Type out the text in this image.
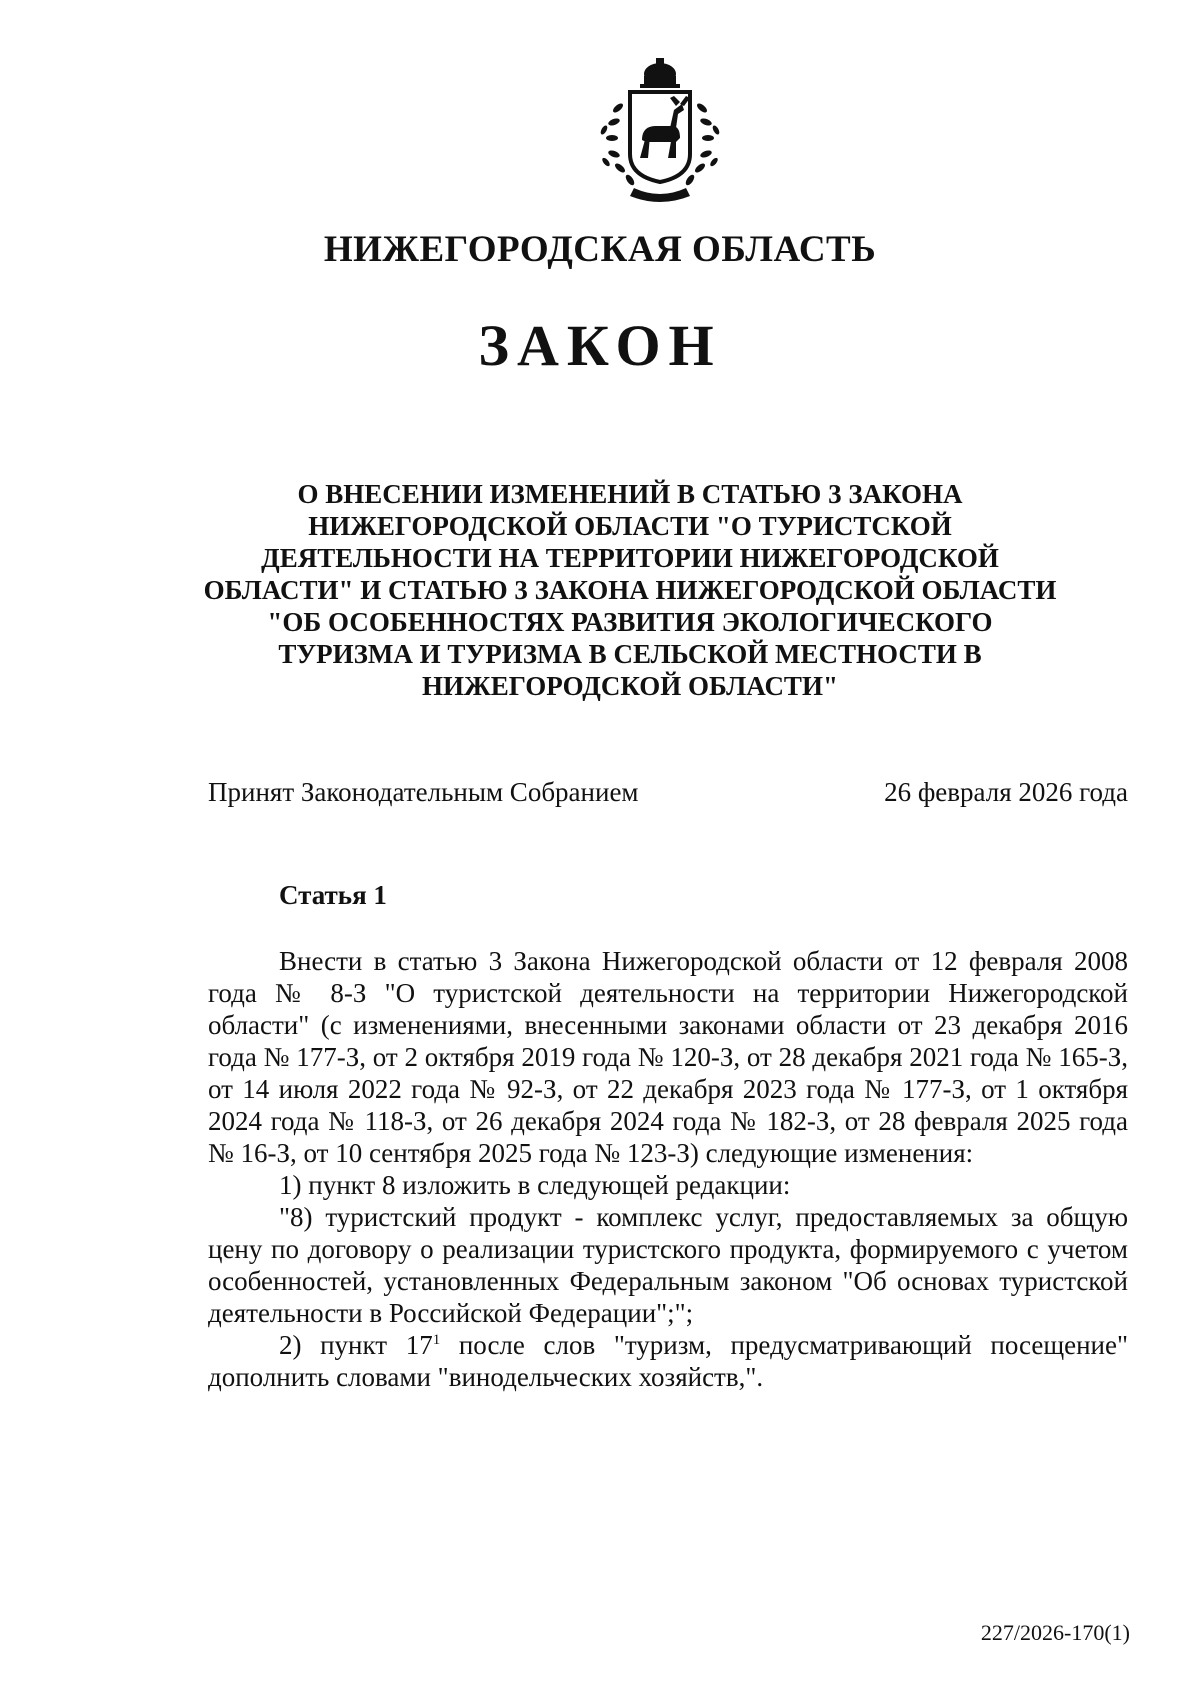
НИЖЕГОРОДСКАЯ ОБЛАСТЬ
ЗАКОН
О ВНЕСЕНИИ ИЗМЕНЕНИЙ В СТАТЬЮ 3 ЗАКОНА НИЖЕГОРОДСКОЙ ОБЛАСТИ "О ТУРИСТСКОЙ ДЕЯТЕЛЬНОСТИ НА ТЕРРИТОРИИ НИЖЕГОРОДСКОЙ ОБЛАСТИ" И СТАТЬЮ 3 ЗАКОНА НИЖЕГОРОДСКОЙ ОБЛАСТИ "ОБ ОСОБЕННОСТЯХ РАЗВИТИЯ ЭКОЛОГИЧЕСКОГО ТУРИЗМА И ТУРИЗМА В СЕЛЬСКОЙ МЕСТНОСТИ В НИЖЕГОРОДСКОЙ ОБЛАСТИ"
Принят Законодательным Собранием	26 февраля 2026 года
Статья 1

Внести в статью 3 Закона Нижегородской области от 12 февраля 2008 года № 8-З "О туристской деятельности на территории Нижегородской области" (с изменениями, внесенными законами области от 23 декабря 2016 года № 177-З, от 2 октября 2019 года № 120-З, от 28 декабря 2021 года № 165-З, от 14 июля 2022 года № 92-З, от 22 декабря 2023 года № 177-З, от 1 октября 2024 года № 118-З, от 26 декабря 2024 года № 182-З, от 28 февраля 2025 года № 16-З, от 10 сентября 2025 года № 123-З) следующие изменения:

1) пункт 8 изложить в следующей редакции:

"8) туристский продукт - комплекс услуг, предоставляемых за общую цену по договору о реализации туристского продукта, формируемого с учетом особенностей, установленных Федеральным законом "Об основах туристской деятельности в Российской Федерации";";

2) пункт $17^1$ после слов "туризм, предусматривающий посещение" дополнить словами "винодельческих хозяйств,".

227/2026-170(1)
